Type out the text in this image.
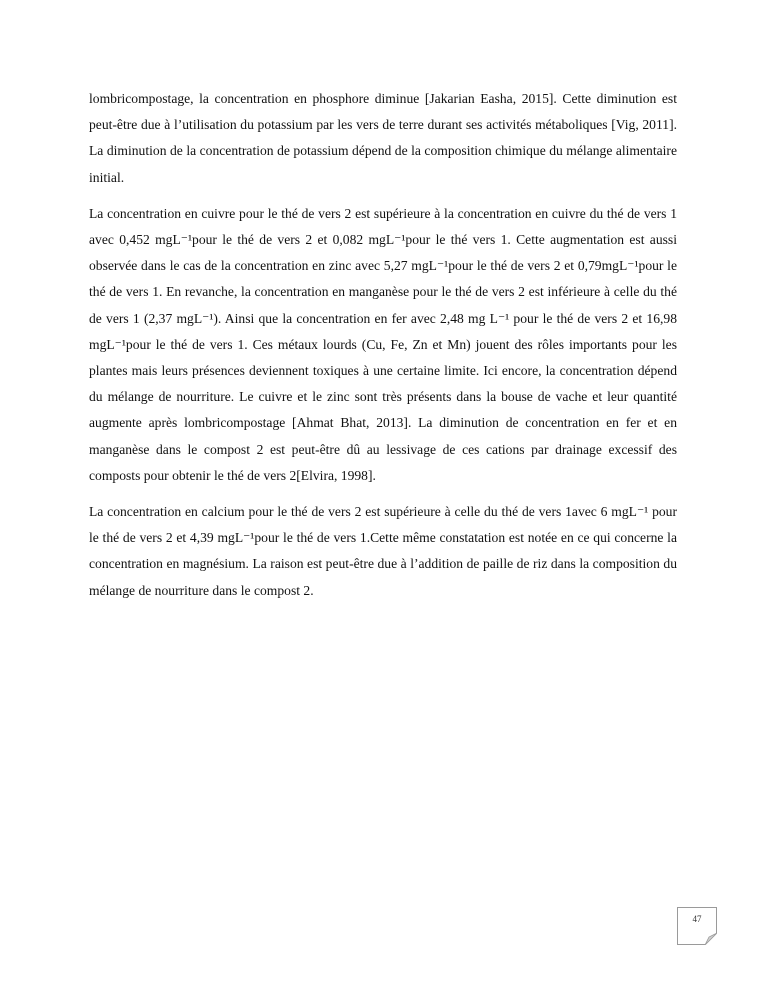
lombricompostage, la concentration en phosphore diminue [Jakarian Easha, 2015]. Cette diminution est peut-être due à l’utilisation du potassium par les vers de terre durant ses activités métaboliques [Vig, 2011]. La diminution de la concentration de potassium dépend de la composition chimique du mélange alimentaire initial.

La concentration en cuivre pour le thé de vers 2 est supérieure à la concentration en cuivre du thé de vers 1 avec 0,452 mgL⁻¹pour le thé de vers 2 et 0,082 mgL⁻¹pour le thé vers 1. Cette augmentation est aussi observée dans le cas de la concentration en zinc avec 5,27 mgL⁻¹pour le thé de vers 2 et 0,79mgL⁻¹pour le thé de vers 1. En revanche, la concentration en manganèse pour le thé de vers 2 est inférieure à celle du thé de vers 1 (2,37 mgL⁻¹). Ainsi que la concentration en fer avec 2,48 mg L⁻¹ pour le thé de vers 2 et 16,98 mgL⁻¹pour le thé de vers 1. Ces métaux lourds (Cu, Fe, Zn et Mn) jouent des rôles importants pour les plantes mais leurs présences deviennent toxiques à une certaine limite. Ici encore, la concentration dépend du mélange de nourriture. Le cuivre et le zinc sont très présents dans la bouse de vache et leur quantité augmente après lombricompostage [Ahmat Bhat, 2013]. La diminution de concentration en fer et en manganèse dans le compost 2 est peut-être dû au lessivage de ces cations par drainage excessif des composts pour obtenir le thé de vers 2[Elvira, 1998].

La concentration en calcium pour le thé de vers 2 est supérieure à celle du thé de vers 1avec 6 mgL⁻¹ pour le thé de vers 2 et 4,39 mgL⁻¹pour le thé de vers 1.Cette même constatation est notée en ce qui concerne la concentration en magnésium. La raison est peut-être due à l’addition de paille de riz dans la composition du mélange de nourriture dans le compost 2.

47
